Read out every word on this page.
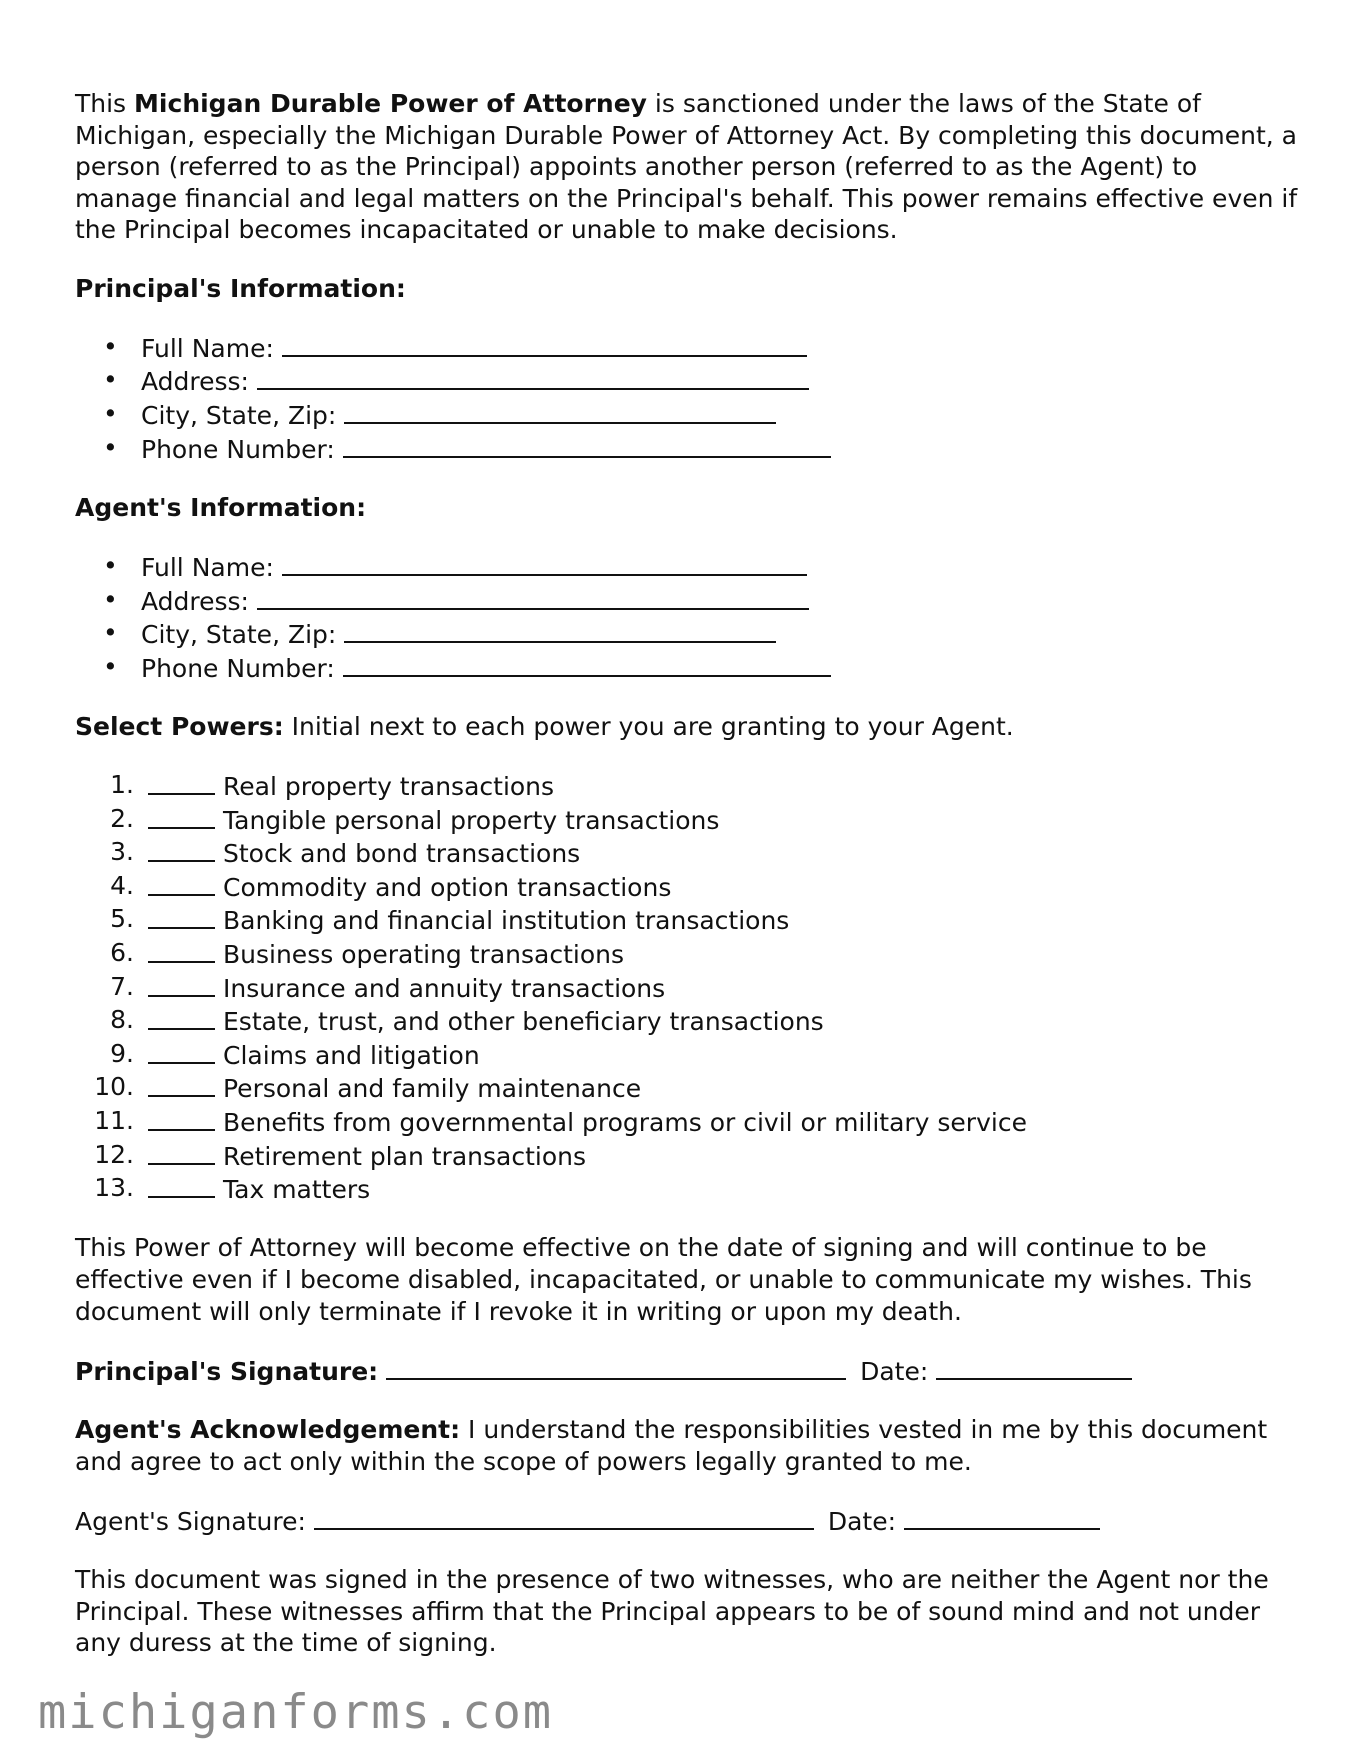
This Michigan Durable Power of Attorney is sanctioned under the laws of the State of Michigan, especially the Michigan Durable Power of Attorney Act. By completing this document, a person (referred to as the Principal) appoints another person (referred to as the Agent) to manage financial and legal matters on the Principal's behalf. This power remains effective even if the Principal becomes incapacitated or unable to make decisions.

Principal's Information:

• Full Name:
• Address:
• City, State, Zip:
• Phone Number:

Agent's Information:

• Full Name:
• Address:
• City, State, Zip:
• Phone Number:

Select Powers: Initial next to each power you are granting to your Agent.

1.	Real property transactions
2.	Tangible personal property transactions
3.	Stock and bond transactions
4.	Commodity and option transactions
5.	Banking and financial institution transactions
6.	Business operating transactions
7.	Insurance and annuity transactions
8.	Estate, trust, and other beneficiary transactions
9.	Claims and litigation
10.	Personal and family maintenance
11.	Benefits from governmental programs or civil or military service
12.	Retirement plan transactions
13.	Tax matters

This Power of Attorney will become effective on the date of signing and will continue to be effective even if I become disabled, incapacitated, or unable to communicate my wishes. This document will only terminate if I revoke it in writing or upon my death.

Principal's Signature:	Date:

Agent's Acknowledgement: I understand the responsibilities vested in me by this document and agree to act only within the scope of powers legally granted to me.

Agent's Signature:	Date:

This document was signed in the presence of two witnesses, who are neither the Agent nor the Principal. These witnesses affirm that the Principal appears to be of sound mind and not under any duress at the time of signing.

michiganforms.com
